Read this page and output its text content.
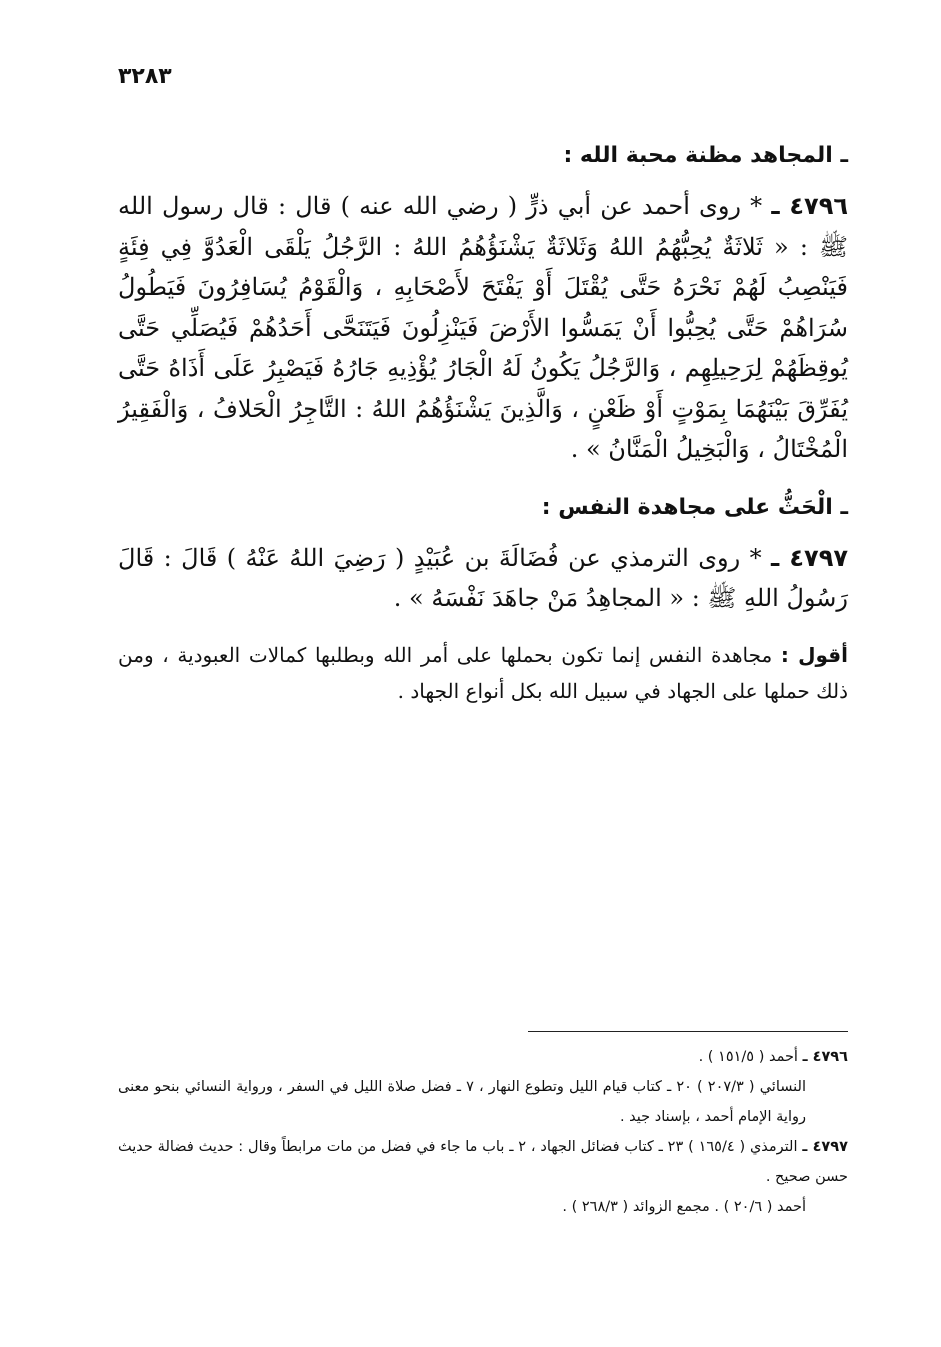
٣٢٨٣
ـ المجاهد مظنة محبة الله :

٤٧٩٦ ـ * روى أحمد عن أبي ذرٍّ ( رضي الله عنه ) قال : قال رسول الله ﷺ : « ثَلاثَةٌ يُحِبُّهُمُ اللهُ وَثَلاثَةٌ يَشْنَؤُهُمُ اللهُ : الرَّجُلُ يَلْقَى الْعَدُوَّ فِي فِئَةٍ فَيَنْصِبُ لَهُمْ نَحْرَهُ حَتَّى يُقْتَلَ أَوْ يَفْتَحَ لأَصْحَابِهِ ، وَالْقَوْمُ يُسَافِرُونَ فَيَطُولُ سُرَاهُمْ حَتَّى يُحِبُّوا أَنْ يَمَسُّوا الأَرْضَ فَيَنْزِلُونَ فَيَتَنَحَّى أَحَدُهُمْ فَيُصَلِّي حَتَّى يُوقِظَهُمْ لِرَحِيلِهِم ، وَالرَّجُلُ يَكُونُ لَهُ الْجَارُ يُؤْذِيهِ جَارُهُ فَيَصْبِرُ عَلَى أَذَاهُ حَتَّى يُفَرِّقَ بَيْنَهُمَا بِمَوْتٍ أَوْ ظَعْنٍ ، وَالَّذِينَ يَشْنَؤُهُمُ اللهُ : التَّاجِرُ الْحَلافُ ، وَالْفَقِيرُ الْمُخْتَالُ ، وَالْبَخِيلُ الْمَنَّانُ » .

ـ الْحَثُّ على مجاهدة النفس :

٤٧٩٧ ـ * روى الترمذي عن فُضَالَةَ بن عُبَيْدٍ ( رَضِيَ اللهُ عَنْهُ ) قَالَ : قَالَ رَسُولُ اللهِ ﷺ : « المجاهِدُ مَنْ جاهَدَ نَفْسَهُ » .

أقول : مجاهدة النفس إنما تكون بحملها على أمر الله وبطلبها كمالات العبودية ، ومن ذلك حملها على الجهاد في سبيل الله بكل أنواع الجهاد .

٤٧٩٦ ـ أحمد ( ١٥١/٥ ) .

النسائي ( ٢٠٧/٣ ) ٢٠ ـ كتاب قيام الليل وتطوع النهار ، ٧ ـ فضل صلاة الليل في السفر ، ورواية النسائي بنحو معنى رواية الإمام أحمد ، بإسناد جيد .

٤٧٩٧ ـ الترمذي ( ١٦٥/٤ ) ٢٣ ـ كتاب فضائل الجهاد ، ٢ ـ باب ما جاء في فضل من مات مرابطاً وقال : حديث فضالة حديث حسن صحيح .

أحمد ( ٢٠/٦ ) . مجمع الزوائد ( ٢٦٨/٣ ) .
